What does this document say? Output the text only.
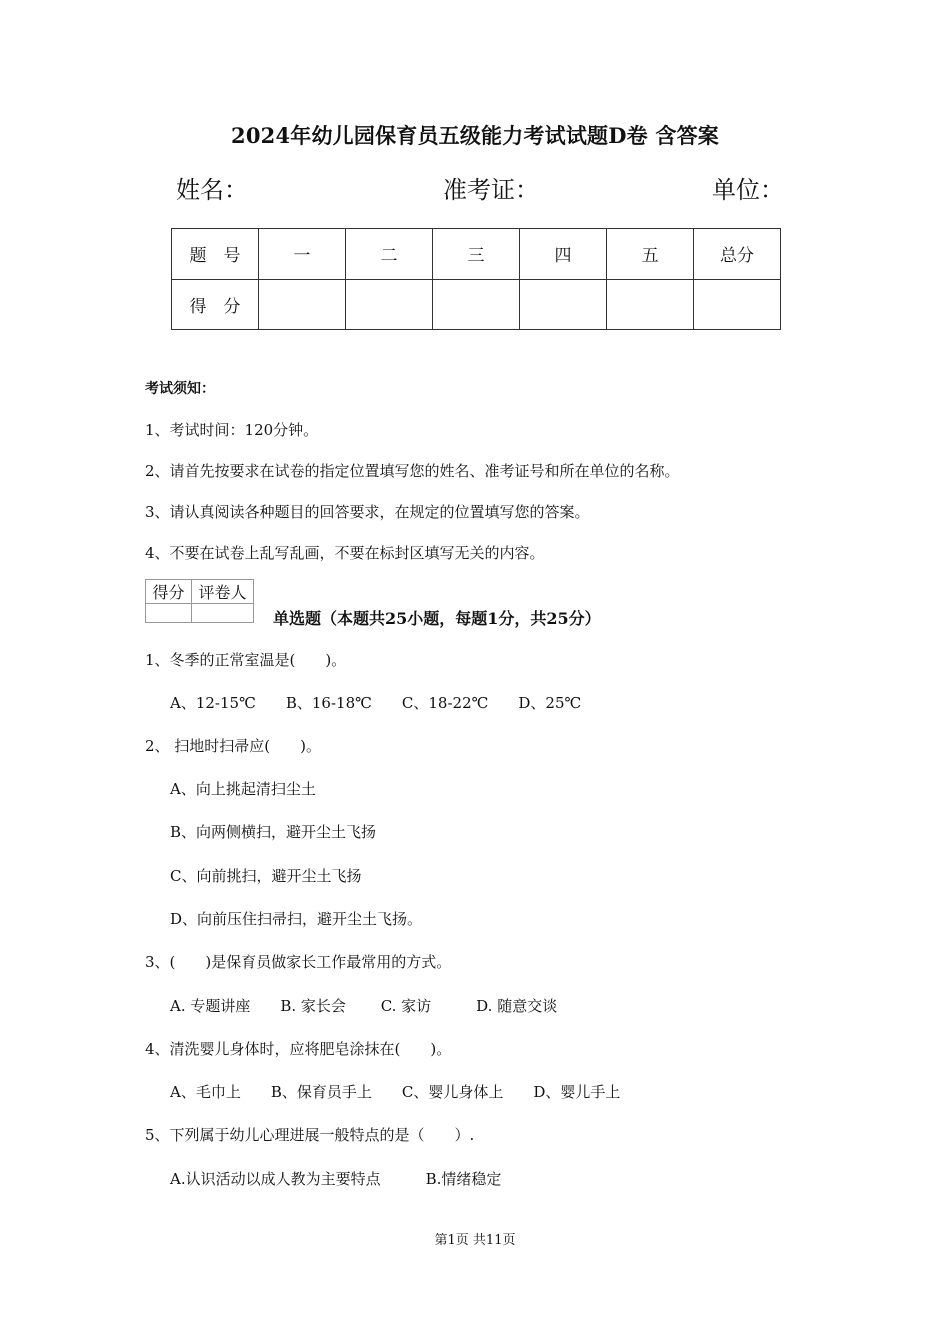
2024年幼儿园保育员五级能力考试试题D卷 含答案
姓名：	准考证：	单位：
题　号	一	二	三	四	五	总分
得　分						
考试须知：
1、考试时间：120分钟。
2、请首先按要求在试卷的指定位置填写您的姓名、准考证号和所在单位的名称。
3、请认真阅读各种题目的回答要求，在规定的位置填写您的答案。
4、不要在试卷上乱写乱画，不要在标封区填写无关的内容。
得分	评卷人

单选题（本题共25小题，每题1分，共25分）
1、冬季的正常室温是(　　)。
A、12-15℃　　B、16-18℃　　C、18-22℃　　D、25℃
2、 扫地时扫帚应(　　)。
A、向上挑起清扫尘土
B、向两侧横扫，避开尘土飞扬
C、向前挑扫，避开尘土飞扬
D、向前压住扫帚扫，避开尘土飞扬。
3、(　　)是保育员做家长工作最常用的方式。
A. 专题讲座　　B. 家长会　　 C. 家访　　　D. 随意交谈
4、清洗婴儿身体时，应将肥皂涂抹在(　　)。
A、毛巾上　　B、保育员手上　　C、婴儿身体上　　D、婴儿手上
5、下列属于幼儿心理进展一般特点的是（　　）.
A.认识活动以成人教为主要特点　　　B.情绪稳定
第1页 共11页
